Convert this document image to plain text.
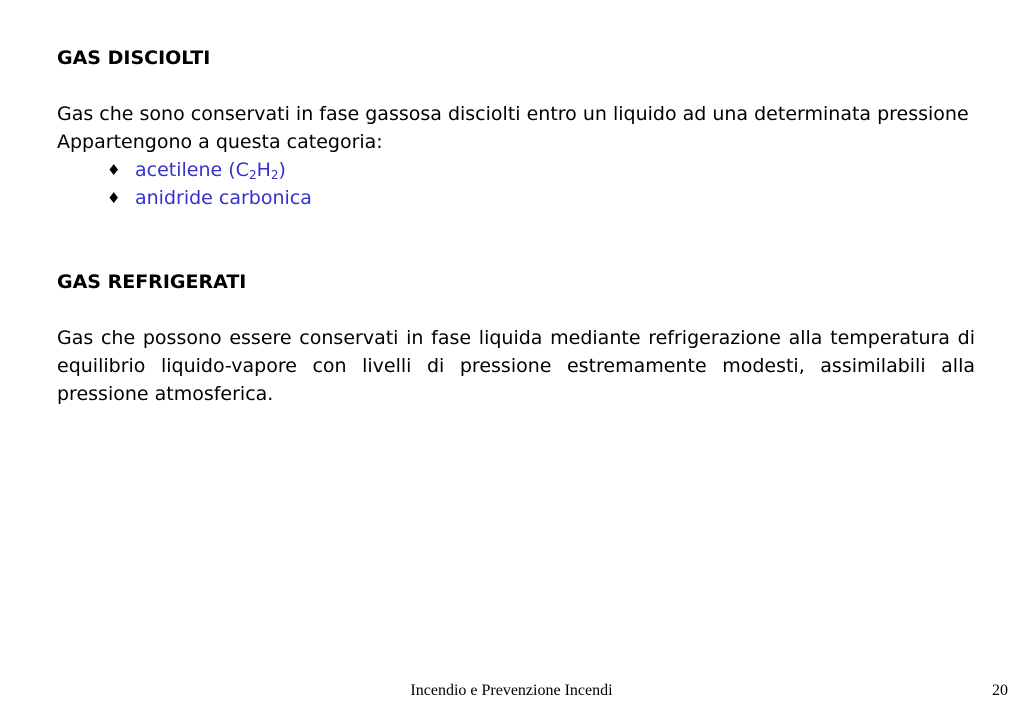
GAS DISCIOLTI

Gas che sono conservati in fase gassosa disciolti entro un liquido ad una determinata pressione

Appartengono a questa categoria:

♦ acetilene $(C_2H_2)$
♦ anidride carbonica

GAS REFRIGERATI

Gas che possono essere conservati in fase liquida mediante refrigerazione alla temperatura di equilibrio liquido-vapore con livelli di pressione estremamente modesti, assimilabili alla pressione atmosferica.

Incendio e Prevenzione Incendi	20
